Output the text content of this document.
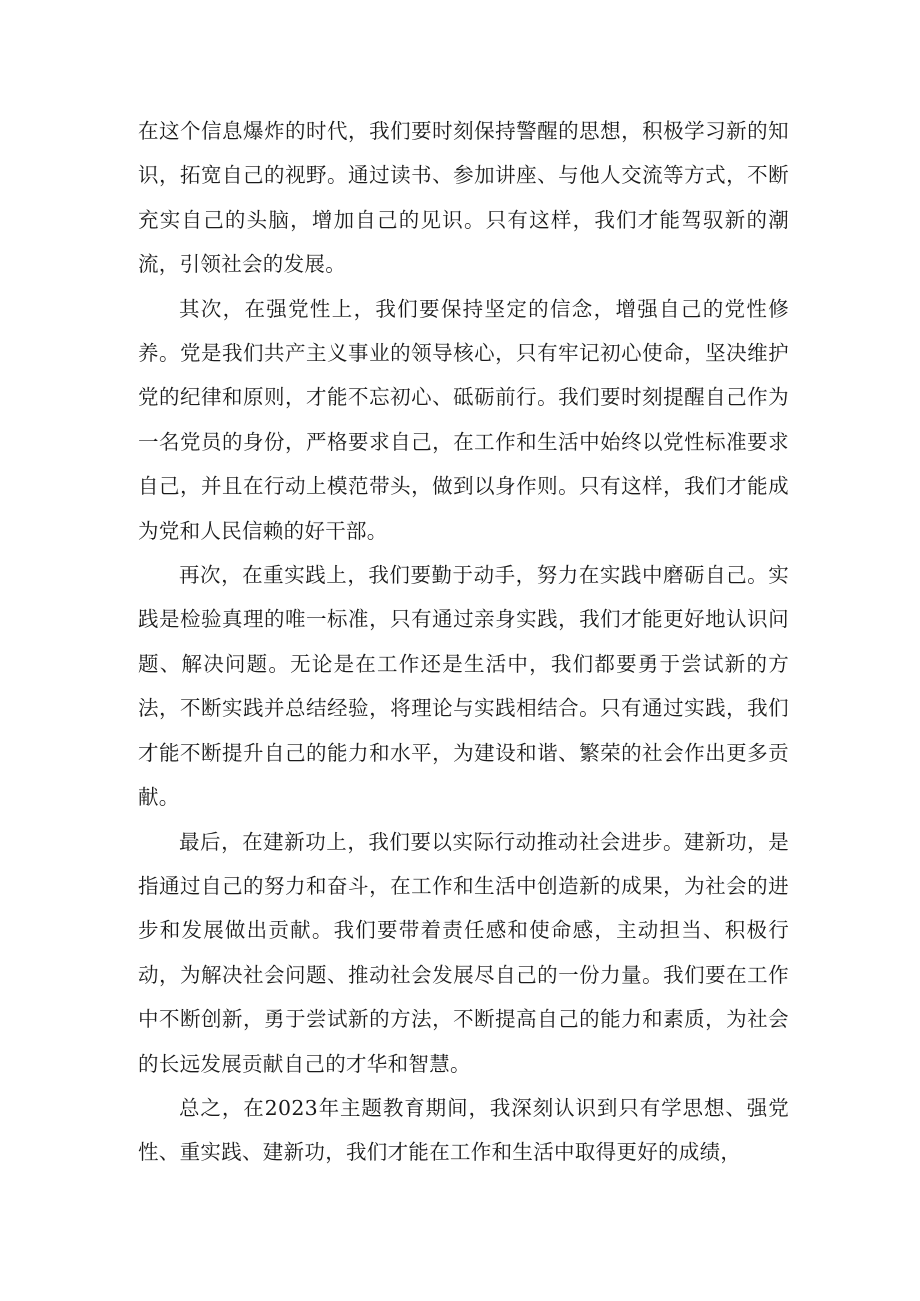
在这个信息爆炸的时代，我们要时刻保持警醒的思想，积极学习新的知识，拓宽自己的视野。通过读书、参加讲座、与他人交流等方式，不断充实自己的头脑，增加自己的见识。只有这样，我们才能驾驭新的潮流，引领社会的发展。

其次，在强党性上，我们要保持坚定的信念，增强自己的党性修养。党是我们共产主义事业的领导核心，只有牢记初心使命，坚决维护党的纪律和原则，才能不忘初心、砥砺前行。我们要时刻提醒自己作为一名党员的身份，严格要求自己，在工作和生活中始终以党性标准要求自己，并且在行动上模范带头，做到以身作则。只有这样，我们才能成为党和人民信赖的好干部。

再次，在重实践上，我们要勤于动手，努力在实践中磨砺自己。实践是检验真理的唯一标准，只有通过亲身实践，我们才能更好地认识问题、解决问题。无论是在工作还是生活中，我们都要勇于尝试新的方法，不断实践并总结经验，将理论与实践相结合。只有通过实践，我们才能不断提升自己的能力和水平，为建设和谐、繁荣的社会作出更多贡献。

最后，在建新功上，我们要以实际行动推动社会进步。建新功，是指通过自己的努力和奋斗，在工作和生活中创造新的成果，为社会的进步和发展做出贡献。我们要带着责任感和使命感，主动担当、积极行动，为解决社会问题、推动社会发展尽自己的一份力量。我们要在工作中不断创新，勇于尝试新的方法，不断提高自己的能力和素质，为社会的长远发展贡献自己的才华和智慧。

总之，在2023年主题教育期间，我深刻认识到只有学思想、强党性、重实践、建新功，我们才能在工作和生活中取得更好的成绩，
